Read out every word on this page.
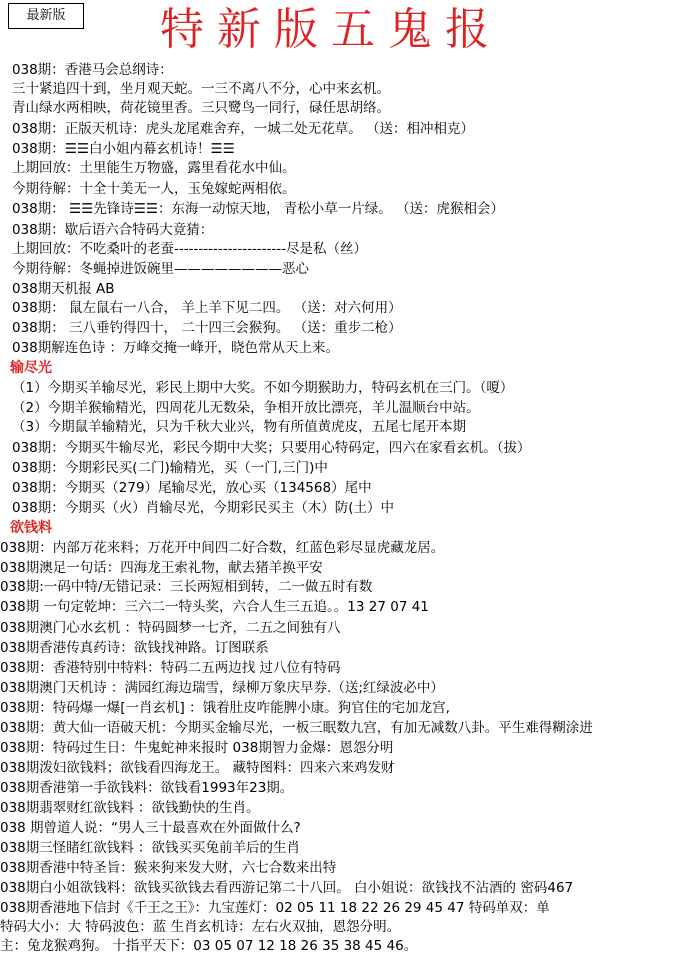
最新版	特新版五鬼报
038期：香港马会总纲诗：
三十紧追四十到，坐月观天蛇。一三不离八不分，心中来玄机。
青山绿水两相映，荷花镜里香。三只鹭鸟一同行，碌任思胡络。
038期：正版天机诗：虎头龙尾难舍弃，一城二处无花草。 （送：相冲相克）
038期：☰☰白小姐内幕玄机诗！☰☰
上期回放：土里能生万物盛，露里看花水中仙。
今期待解：十全十美无一人，玉兔嫁蛇两相依。
038期： ☰☰先锋诗☰☰：东海一动惊天地， 青松小草一片绿。 （送：虎猴相会）
038期：歇后语六合特码大竟猜：
上期回放：不吃桑叶的老蚕-----------------------尽是私（丝）
今期待解：冬蝇掉进饭碗里————————恶心
038期天机报 AB
038期： 鼠左鼠右一八合， 羊上羊下见二四。 （送：对六何用）
038期： 三八垂钓得四十， 二十四三会猴狗。 （送：重步二枪）
038期解连色诗 ：万峰交掩一峰开，晓色常从天上来。
输尽光
（1）今期买羊输尽光，彩民上期中大奖。不如今期猴助力，特码玄机在三门。（嗄）
（2）今期羊猴输精光，四周花儿无数朵，争相开放比漂亮，羊儿温顺台中站。
（3）今期鼠羊输精光，只为千秋大业兴，物有所值黄虎皮，五尾七尾开本期
038期：今期买牛输尽光，彩民今期中大奖；只要用心特码定，四六在家看玄机。（拔）
038期：今期彩民买(二门)输精光，买（一门,三门)中
038期：今期买（279）尾输尽光，放心买（134568）尾中
038期：今期买（火）肖输尽光，今期彩民买主（木）防(土）中
欲钱料
038期：内部万花来料；万花开中间四二好合数，红蓝色彩尽显虎藏龙居。
038期澳足一句话：四海龙王索礼物，献去猪羊换平安
038期:一码中特/无错记录：三长两短相到转，二一做五时有数
038期 一句定乾坤：三六二一特头奖，六合人生三五追。。13 27 07 41
038期澳门心水玄机 ：特码圆梦一七齐，二五之间独有八
038期香港传真药诗：欲钱找神路。订图联系
038期：香港特别中特料：特码二五两边找 过八位有特码
038期澳门天机诗 ：满园红海边瑞雪，绿柳万象庆早券.（送;红绿波必中）
038期：特码爆一爆[一肖玄机] ：饿着肚皮咋能脾小康。狗官住的宅加龙宫,
038期：黄大仙一语破天机：今期买金输尽光，一板三眠数九宫，有加无减数八卦。平生难得糊涂进
038期：特码过生日：牛鬼蛇神来报时 038期智力金爆：恩怨分明
038期泼妇欲钱料；欲钱看四海龙王。 藏特图料：四来六来鸡发财
038期香港第一手欲钱料：欲钱看1993年23期。
038期翡翠财红欲钱料 ：欲钱勤快的生肖。
038 期曾道人说：“男人三十最喜欢在外面做什么?
038期三怪睹红欲钱料 ：欲钱买买兔前羊后的生肖
038期香港中特圣旨：猴来狗来发大财，六七合数来出特
038期白小姐欲钱料：欲钱买欲钱去看西游记第二十八回。 白小姐说：欲钱找不沾酒的 密码467
038期香港地下信封《千王之王》：九宝莲灯：02 05 11 18 22 26 29 45 47 特码单双：单
特码大小：大 特码波色：蓝 生肖玄机诗：左右火双抽，恩怨分明。
主：兔龙猴鸡狗。 十指平天下：03 05 07 12 18 26 35 38 45 46。
